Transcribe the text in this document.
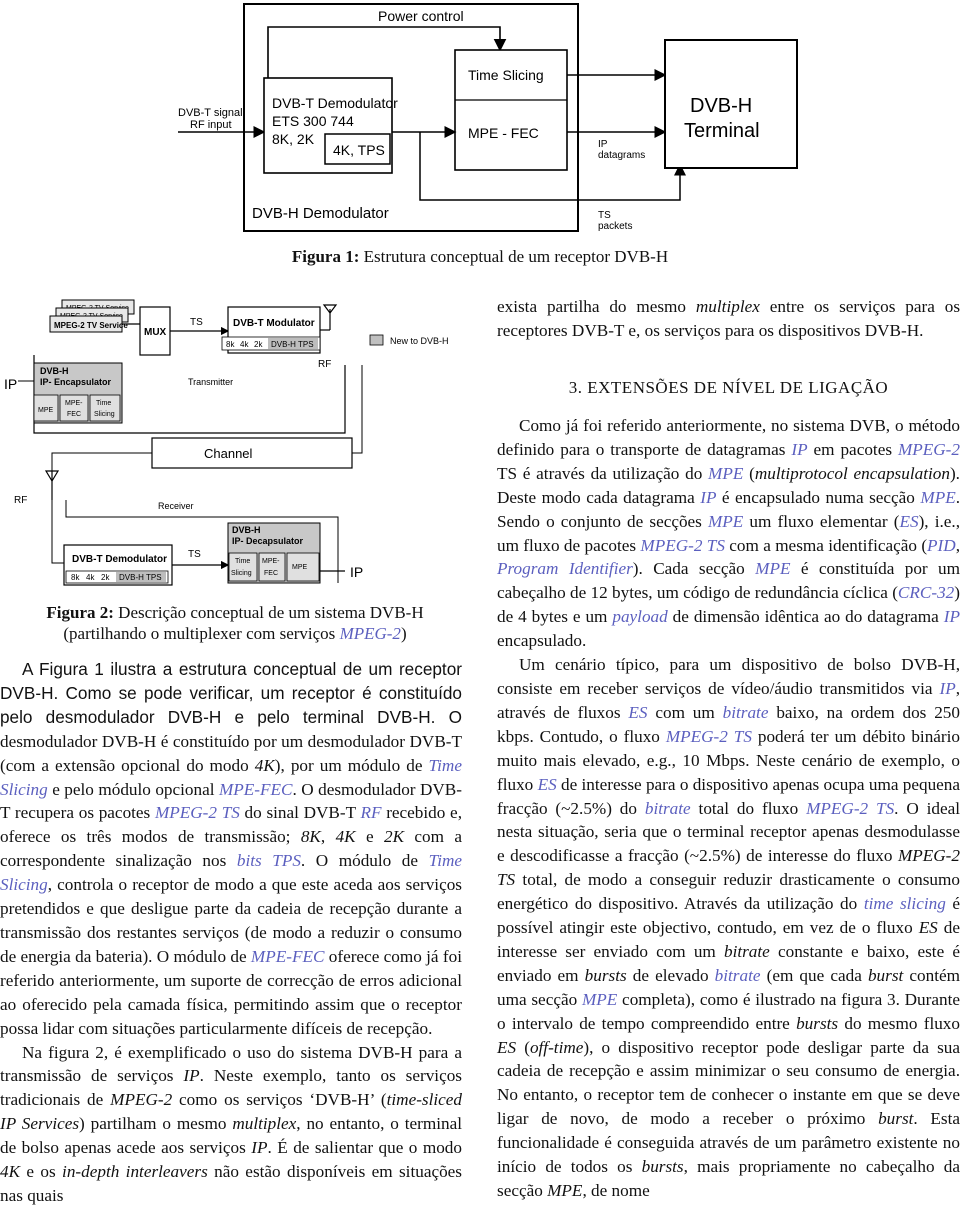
Power control
DVB-T signal
RF input
DVB-T Demodulator
ETS 300 744
8K, 2K
4K, TPS
Time Slicing
MPE - FEC
IP
datagrams
TS
packets
DVB-H Demodulator
DVB-H
Terminal
Figura 1: Estrutura conceptual de um receptor DVB-H
MPEG-2 TV Service
MUX
TS	DVB-T Modulator
8k 4k 2k DVB-H TPS	New to DVB-H
RF
Transmitter
IP
DVB-H
IP- Encapsulator
MPE
MPE-
FEC
Time
Slicing
Channel
RF	Receiver
DVB-T Demodulator
8k 4k 2k DVB-H TPS
TS
DVB-H
IP- Decapsulator
Time
Slicing
MPE-
FEC
MPE	IP
Figura 2: Descrição conceptual de um sistema DVB-H
(partilhando o multiplexer com serviços MPEG-2)

A Figura 1 ilustra a estrutura conceptual de um receptor DVB-H. Como se pode verificar, um receptor é constituído pelo desmodulador DVB-H e pelo terminal DVB-H. O desmodulador DVB-H é constituído por um desmodulador DVB-T (com a extensão opcional do modo 4K), por um módulo de Time Slicing e pelo módulo opcional MPE-FEC. O desmodulador DVB-T recupera os pacotes MPEG-2 TS do sinal DVB-T RF recebido e, oferece os três modos de transmissão; 8K, 4K e 2K com a correspondente sinalização nos bits TPS. O módulo de Time Slicing, controla o receptor de modo a que este aceda aos serviços pretendidos e que desligue parte da cadeia de recepção durante a transmissão dos restantes serviços (de modo a reduzir o consumo de energia da bateria). O módulo de MPE-FEC oferece como já foi referido anteriormente, um suporte de correcção de erros adicional ao oferecido pela camada física, permitindo assim que o receptor possa lidar com situações particularmente difíceis de recepção.

Na figura 2, é exemplificado o uso do sistema DVB-H para a transmissão de serviços IP. Neste exemplo, tanto os serviços tradicionais de MPEG-2 como os serviços ‘DVB-H’ (time-sliced IP Services) partilham o mesmo multiplex, no entanto, o terminal de bolso apenas acede aos serviços IP. É de salientar que o modo 4K e os in-depth interleavers não estão disponíveis em situações nas quais

exista partilha do mesmo multiplex entre os serviços para os receptores DVB-T e, os serviços para os dispositivos DVB-H.

3. EXTENSÕES DE NÍVEL DE LIGAÇÃO

Como já foi referido anteriormente, no sistema DVB, o método definido para o transporte de datagramas IP em pacotes MPEG-2 TS é através da utilização do MPE (multiprotocol encapsulation). Deste modo cada datagrama IP é encapsulado numa secção MPE. Sendo o conjunto de secções MPE um fluxo elementar (ES), i.e., um fluxo de pacotes MPEG-2 TS com a mesma identificação (PID, Program Identifier). Cada secção MPE é constituída por um cabeçalho de 12 bytes, um código de redundância cíclica (CRC-32) de 4 bytes e um payload de dimensão idêntica ao do datagrama IP encapsulado.

Um cenário típico, para um dispositivo de bolso DVB-H, consiste em receber serviços de vídeo/áudio transmitidos via IP, através de fluxos ES com um bitrate baixo, na ordem dos 250 kbps. Contudo, o fluxo MPEG-2 TS poderá ter um débito binário muito mais elevado, e.g., 10 Mbps. Neste cenário de exemplo, o fluxo ES de interesse para o dispositivo apenas ocupa uma pequena fracção (~2.5%) do bitrate total do fluxo MPEG-2 TS. O ideal nesta situação, seria que o terminal receptor apenas desmodulasse e descodificasse a fracção (~2.5%) de interesse do fluxo MPEG-2 TS total, de modo a conseguir reduzir drasticamente o consumo energético do dispositivo. Através da utilização do time slicing é possível atingir este objectivo, contudo, em vez de o fluxo ES de interesse ser enviado com um bitrate constante e baixo, este é enviado em bursts de elevado bitrate (em que cada burst contém uma secção MPE completa), como é ilustrado na figura 3. Durante o intervalo de tempo compreendido entre bursts do mesmo fluxo ES (off-time), o dispositivo receptor pode desligar parte da sua cadeia de recepção e assim minimizar o seu consumo de energia. No entanto, o receptor tem de conhecer o instante em que se deve ligar de novo, de modo a receber o próximo burst. Esta funcionalidade é conseguida através de um parâmetro existente no início de todos os bursts, mais propriamente no cabeçalho da secção MPE, de nome
